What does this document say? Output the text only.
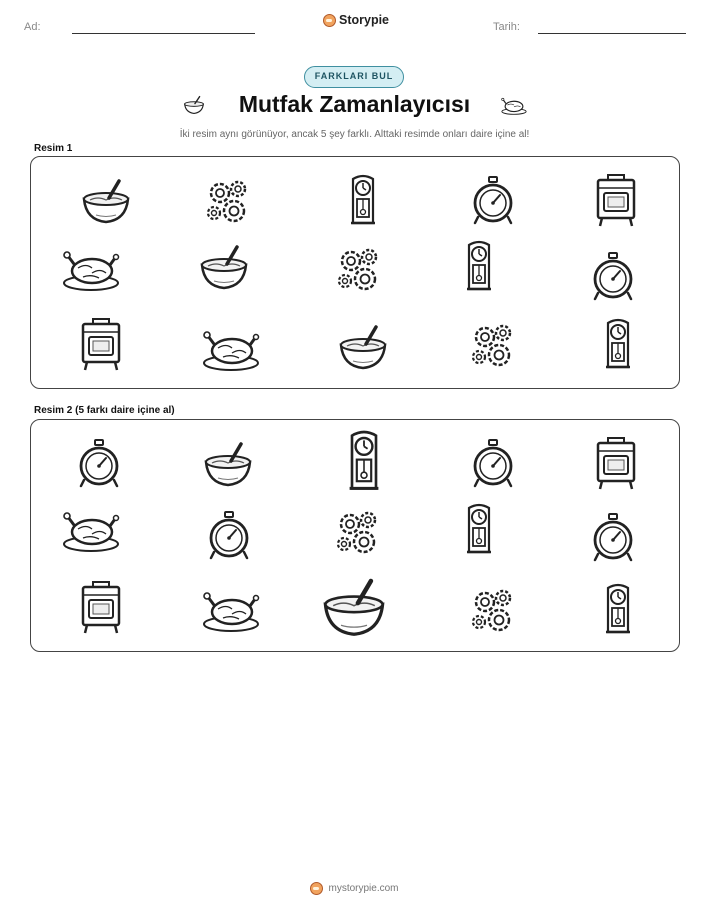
Ad:	Storypie	Tarih:
FARKLARI BUL
Mutfak Zamanlayıcısı
İki resim aynı görünüyor, ancak 5 şey farklı. Alttaki resimde onları daire içine al!
Resim 1
Resim 2 (5 farkı daire içine al)
mystorypie.com
